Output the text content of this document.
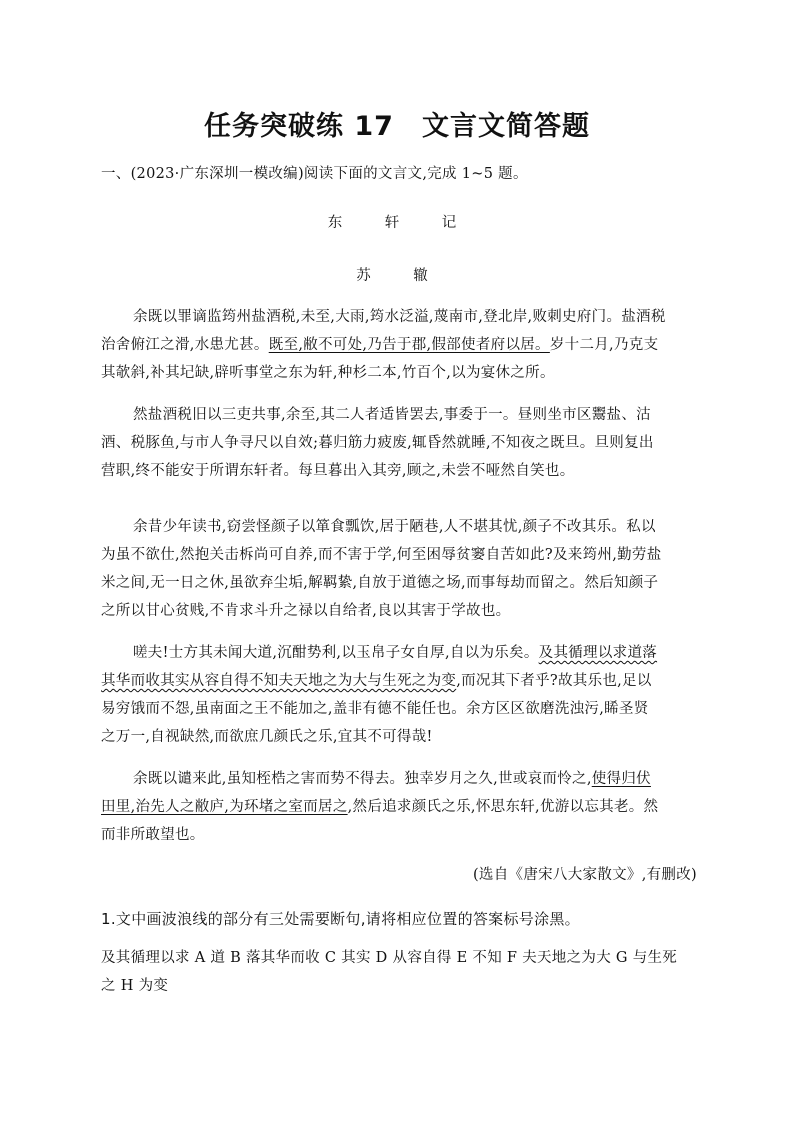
任务突破练 17　文言文简答题
一、(2023·广东深圳一模改编)阅读下面的文言文,完成 1~5 题。
东　轩　记
苏　辙
余既以罪谪监筠州盐酒税,未至,大雨,筠水泛溢,蔑南市,登北岸,败刺史府门。盐酒税
治舍俯江之滑,水患尤甚。既至,敝不可处,乃告于郡,假部使者府以居。岁十二月,乃克支
其欹斜,补其圮缺,辟听事堂之东为轩,种杉二本,竹百个,以为宴休之所。
然盐酒税旧以三吏共事,余至,其二人者适皆罢去,事委于一。昼则坐市区鬻盐、沽
酒、税豚鱼,与市人争寻尺以自效;暮归筋力疲废,辄昏然就睡,不知夜之既旦。旦则复出
营职,终不能安于所谓东轩者。每旦暮出入其旁,顾之,未尝不哑然自笑也。
余昔少年读书,窃尝怪颜子以箪食瓢饮,居于陋巷,人不堪其忧,颜子不改其乐。私以
为虽不欲仕,然抱关击柝尚可自养,而不害于学,何至困辱贫窭自苦如此?及来筠州,勤劳盐
米之间,无一日之休,虽欲弃尘垢,解羁絷,自放于道德之场,而事每劫而留之。然后知颜子
之所以甘心贫贱,不肯求斗升之禄以自给者,良以其害于学故也。
嗟夫!士方其未闻大道,沉酣势利,以玉帛子女自厚,自以为乐矣。及其循理以求道落
其华而收其实从容自得不知夫天地之为大与生死之为变,而况其下者乎?故其乐也,足以
易穷饿而不怨,虽南面之王不能加之,盖非有德不能任也。余方区区欲磨洗浊污,睎圣贤
之万一,自视缺然,而欲庶几颜氏之乐,宜其不可得哉!
余既以谴来此,虽知桎梏之害而势不得去。独幸岁月之久,世或哀而怜之,使得归伏
田里,治先人之敝庐,为环堵之室而居之,然后追求颜氏之乐,怀思东轩,优游以忘其老。然
而非所敢望也。
(选自《唐宋八大家散文》,有删改)
1.文中画波浪线的部分有三处需要断句,请将相应位置的答案标号涂黑。
及其循理以求 A 道 B 落其华而收 C 其实 D 从容自得 E 不知 F 夫天地之为大 G 与生死
之 H 为变
